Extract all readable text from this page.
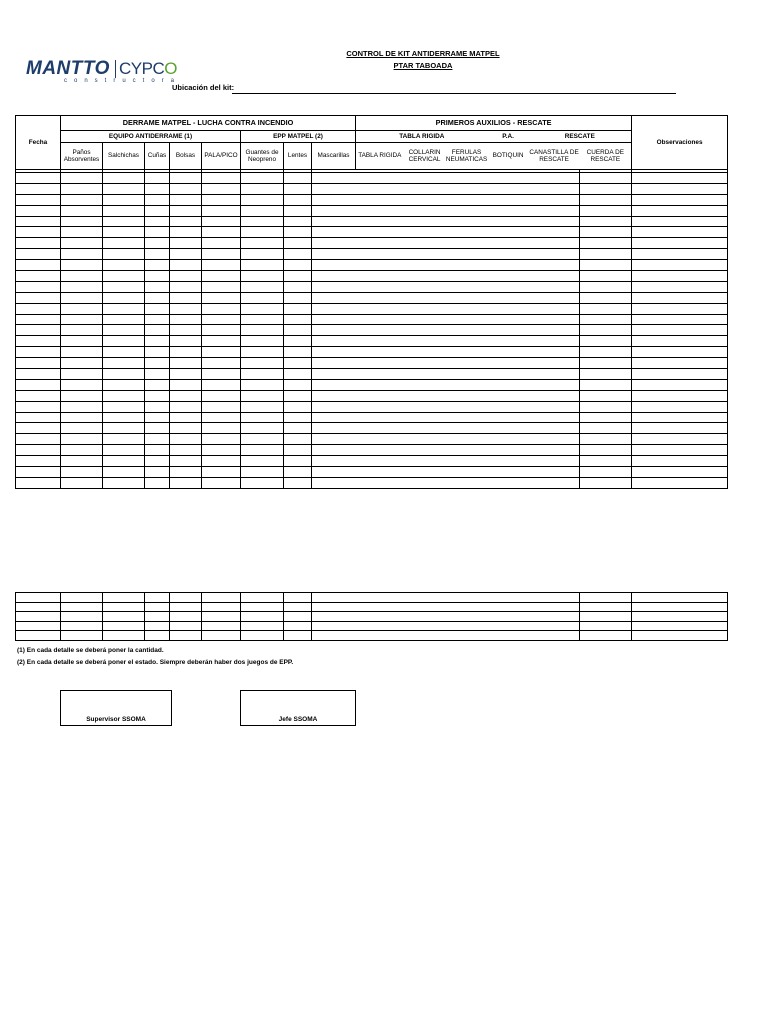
MANTTO CYPCO
constructora
CONTROL DE KIT ANTIDERRAME MATPEL
PTAR TABOADA
Ubicación del kit:
Fecha	DERRAME MATPEL - LUCHA CONTRA INCENDIO								PRIMEROS AUXILIOS - RESCATE						Observaciones
	EQUIPO ANTIDERRAME (1)					EPP MATPEL (2)			TABLA RIGIDA			P.A.	RESCATE		
	Paños Absorventes	Salchichas	Cuñas	Bolsas	PALA/PICO	Guantes de Neopreno	Lentes	Mascarillas	TABLA RIGIDA	COLLARIN CERVICAL	FERULAS NEUMATICAS	BOTIQUIN	CANASTILLA DE RESCATE	CUERDA DE RESCATE	

(1) En cada detalle se deberá poner la cantidad.
(2) En cada detalle se deberá poner el estado. Siempre deberán haber dos juegos de EPP.
Supervisor SSOMA	Jefe SSOMA
